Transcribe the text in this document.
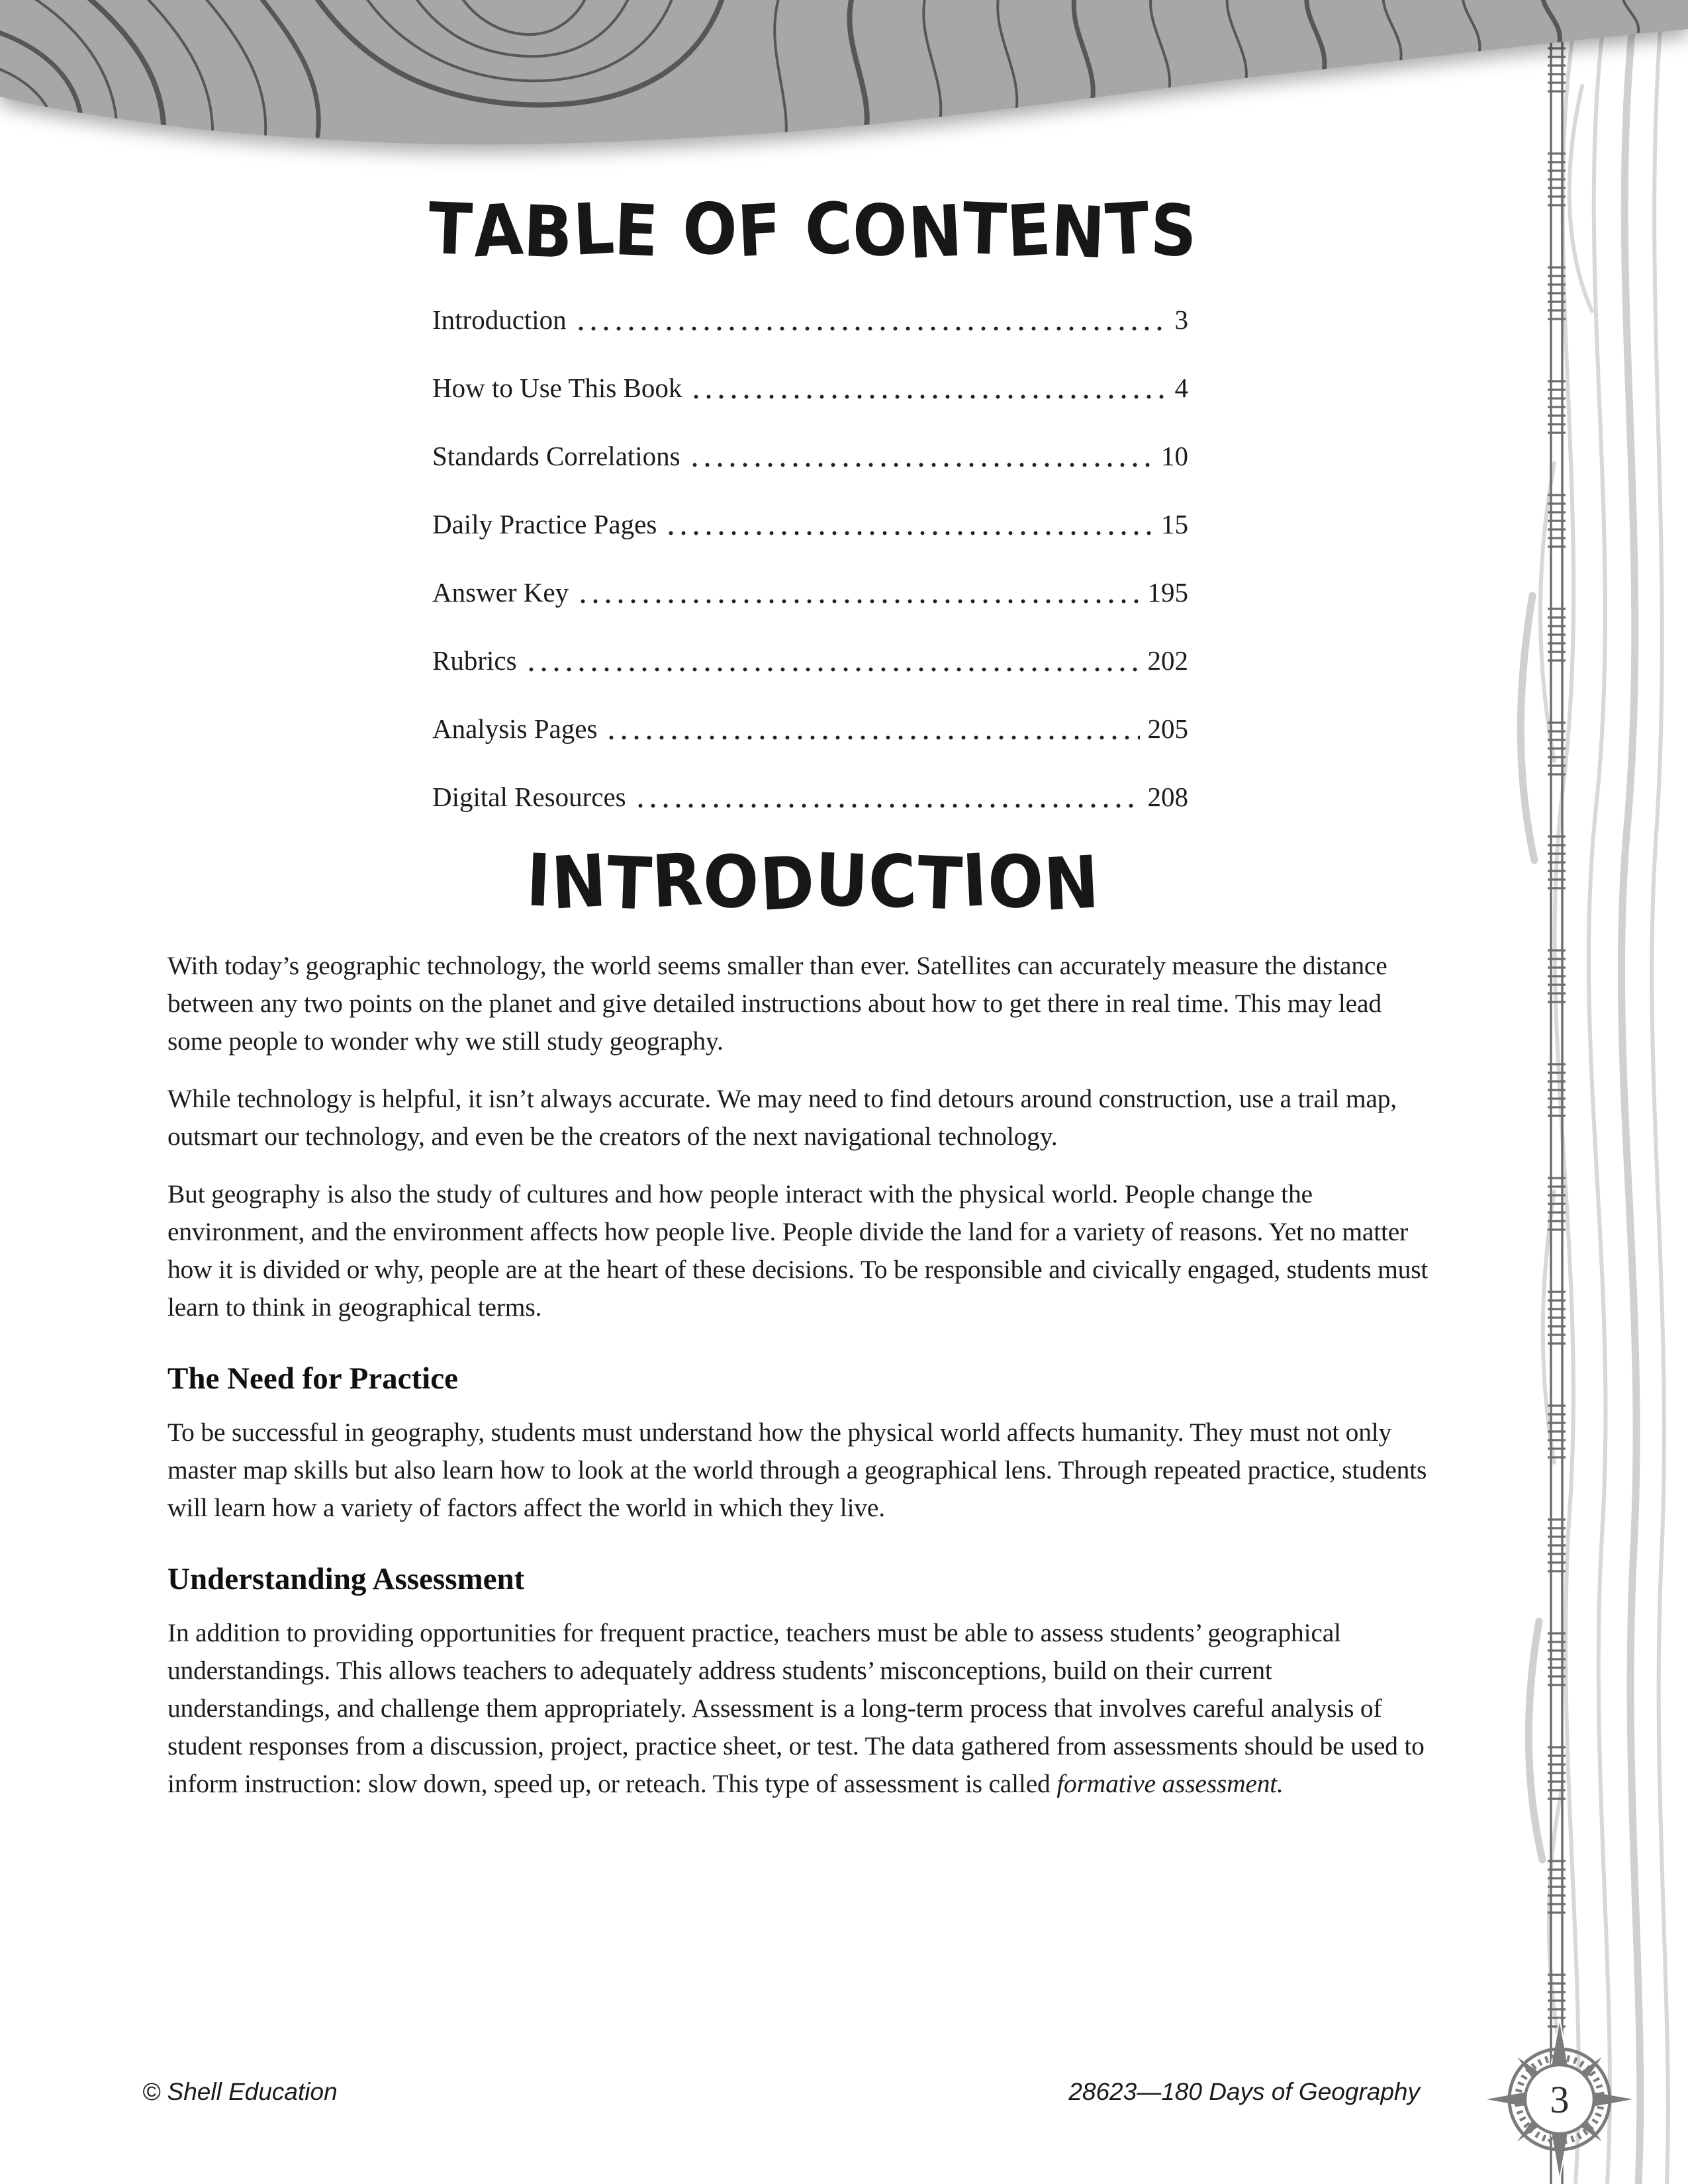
TABLE OF CONTENTS
Introduction	3
How to Use This Book	4
Standards Correlations	10
Daily Practice Pages	15
Answer Key	195
Rubrics	202
Analysis Pages	205
Digital Resources	208
INTRODUCTION

With today’s geographic technology, the world seems smaller than ever. Satellites can accurately measure the distance between any two points on the planet and give detailed instructions about how to get there in real time. This may lead some people to wonder why we still study geography.

While technology is helpful, it isn’t always accurate. We may need to find detours around construction, use a trail map, outsmart our technology, and even be the creators of the next navigational technology.

But geography is also the study of cultures and how people interact with the physical world. People change the environment, and the environment affects how people live. People divide the land for a variety of reasons. Yet no matter how it is divided or why, people are at the heart of these decisions. To be responsible and civically engaged, students must learn to think in geographical terms.

The Need for Practice

To be successful in geography, students must understand how the physical world affects humanity. They must not only master map skills but also learn how to look at the world through a geographical lens. Through repeated practice, students will learn how a variety of factors affect the world in which they live.

Understanding Assessment

In addition to providing opportunities for frequent practice, teachers must be able to assess students’ geographical understandings. This allows teachers to adequately address students’ misconceptions, build on their current understandings, and challenge them appropriately. Assessment is a long-term process that involves careful analysis of student responses from a discussion, project, practice sheet, or test. The data gathered from assessments should be used to inform instruction: slow down, speed up, or reteach. This type of assessment is called formative assessment.

© Shell Education	28623—180 Days of Geography	3
